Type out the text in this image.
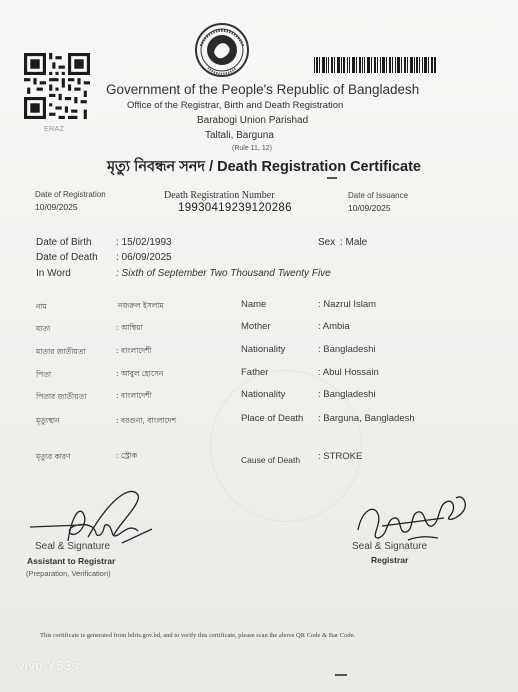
ERAZ
Government of the People's Republic of Bangladesh
Office of the Registrar, Birth and Death Registration
Barabogi Union Parishad
Taltali, Barguna
(Rule 11, 12)
মৃত্যু নিবন্ধন সনদ / Death Registration Certificate
Date of Registration
10/09/2025
Death Registration Number
19930419239120286
Date of Issuance
10/09/2025
Date of Birth : 15/02/1993	Sex : Male
Date of Death : 06/09/2025
In Word	: Sixth of September Two Thousand Twenty Five
নাম	নজরুল ইসলাম
মাতা	: আম্বিয়া
মাতার জাতীয়তা	: বাংলাদেশী
পিতা	: আবুল হোসেন
পিতার জাতীয়তা	: বাংলাদেশী
মৃত্যুস্থান	: বরগুনা, বাংলাদেশ
মৃত্যুর কারণ	: স্ট্রোক
Name	: Nazrul Islam
Mother	: Ambia
Nationality	: Bangladeshi
Father	: Abul Hossain
Nationality	: Bangladeshi
Place of Death : Barguna, Bangladesh
Cause of Death : STROKE
Seal & Signature
Assistant to Registrar
(Preparation, Verification)
Seal & Signature
Registrar
This certificate is generated from bdris.gov.bd, and to verify this certificate, please scan the above QR Code & Bar Code.
vivo Y53s
